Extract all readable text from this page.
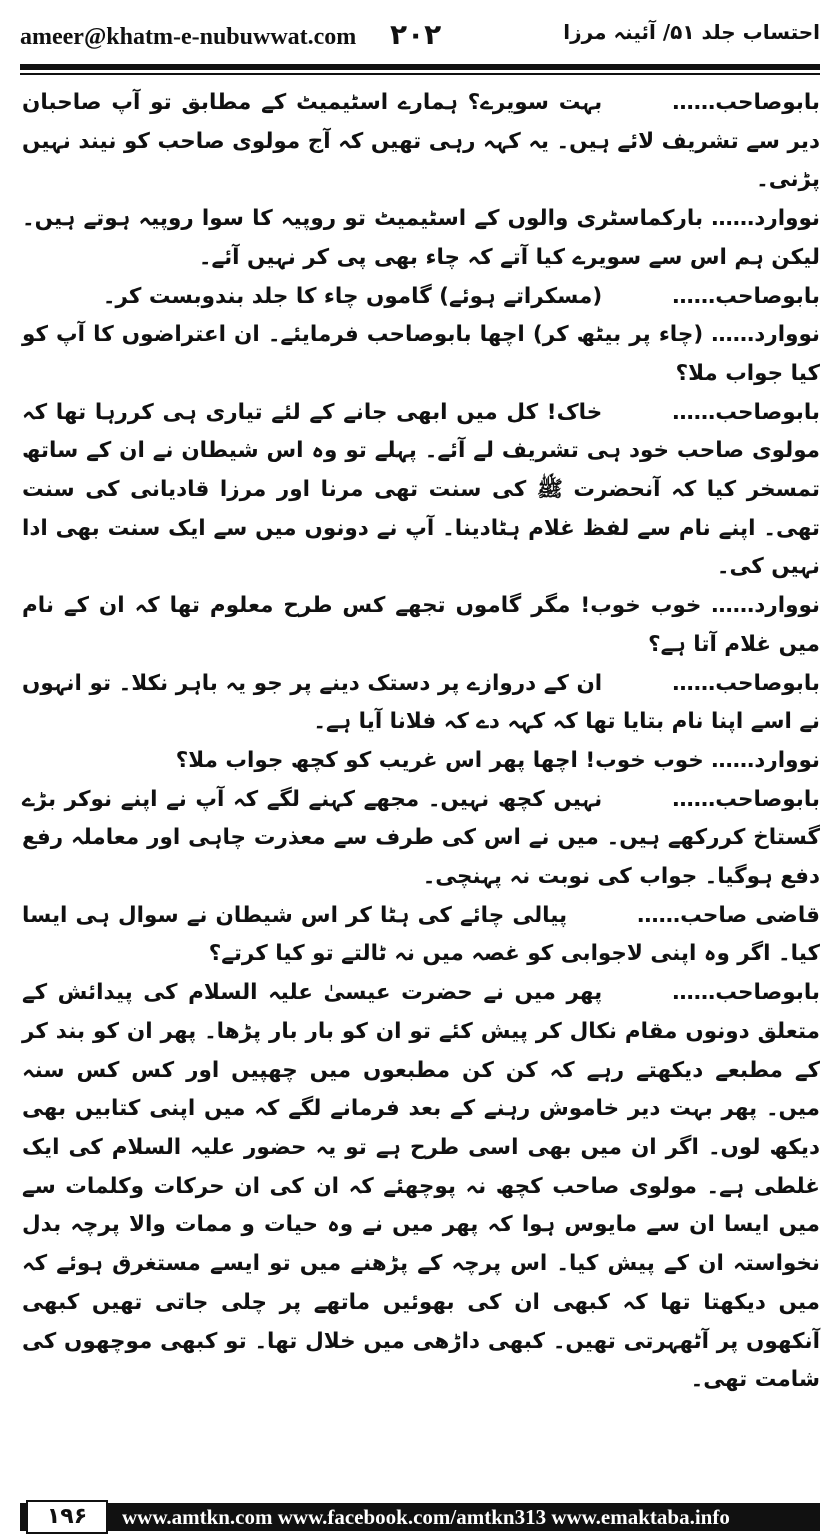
ameer@khatm-e-nubuwwat.com ۲۰۲	احتساب جلد ۵۱/ آئینہ مرزا

بابوصاحب……بہت سویرے؟ ہمارے اسٹیمیٹ کے مطابق تو آپ صاحبان دیر سے تشریف لائے ہیں۔ یہ کہہ رہی تھیں کہ آج مولوی صاحب کو نیند نہیں پڑنی۔

نووارد…… بارکماسٹری والوں کے اسٹیمیٹ تو روپیہ کا سوا روپیہ ہوتے ہیں۔ لیکن ہم اس سے سویرے کیا آتے کہ چاء بھی پی کر نہیں آئے۔

بابوصاحب……(مسکراتے ہوئے) گاموں چاء کا جلد بندوبست کر۔

نووارد…… (چاء پر بیٹھ کر) اچھا بابوصاحب فرمایئے۔ ان اعتراضوں کا آپ کو کیا جواب ملا؟

بابوصاحب……خاک! کل میں ابھی جانے کے لئے تیاری ہی کررہا تھا کہ مولوی صاحب خود ہی تشریف لے آئے۔ پہلے تو وہ اس شیطان نے ان کے ساتھ تمسخر کیا کہ آنحضرت ﷺ کی سنت تھی مرنا اور مرزا قادیانی کی سنت تھی۔ اپنے نام سے لفظ غلام ہٹادینا۔ آپ نے دونوں میں سے ایک سنت بھی ادا نہیں کی۔

نووارد…… خوب خوب! مگر گاموں تجھے کس طرح معلوم تھا کہ ان کے نام میں غلام آتا ہے؟

بابوصاحب……ان کے دروازے پر دستک دینے پر جو یہ باہر نکلا۔ تو انہوں نے اسے اپنا نام بتایا تھا کہ کہہ دے کہ فلانا آیا ہے۔

نووارد…… خوب خوب! اچھا پھر اس غریب کو کچھ جواب ملا؟

بابوصاحب……نہیں کچھ نہیں۔ مجھے کہنے لگے کہ آپ نے اپنے نوکر بڑے گستاخ کررکھے ہیں۔ میں نے اس کی طرف سے معذرت چاہی اور معاملہ رفع دفع ہوگیا۔ جواب کی نوبت نہ پہنچی۔

قاضی صاحب……پیالی چائے کی ہٹا کر اس شیطان نے سوال ہی ایسا کیا۔ اگر وہ اپنی لاجوابی کو غصہ میں نہ ٹالتے تو کیا کرتے؟

بابوصاحب……پھر میں نے حضرت عیسیٰ علیہ السلام کی پیدائش کے متعلق دونوں مقام نکال کر پیش کئے تو ان کو بار بار پڑھا۔ پھر ان کو بند کر کے مطبعے دیکھتے رہے کہ کن کن مطبعوں میں چھپیں اور کس کس سنہ میں۔ پھر بہت دیر خاموش رہنے کے بعد فرمانے لگے کہ میں اپنی کتابیں بھی دیکھ لوں۔ اگر ان میں بھی اسی طرح ہے تو یہ حضور علیہ السلام کی ایک غلطی ہے۔ مولوی صاحب کچھ نہ پوچھئے کہ ان کی ان حرکات وکلمات سے میں ایسا ان سے مایوس ہوا کہ پھر میں نے وہ حیات و ممات والا پرچہ بدل نخواستہ ان کے پیش کیا۔ اس پرچہ کے پڑھنے میں تو ایسے مستغرق ہوئے کہ میں دیکھتا تھا کہ کبھی ان کی بھوئیں ماتھے پر چلی جاتی تھیں کبھی آنکھوں پر آٹھہرتی تھیں۔ کبھی داڑھی میں خلال تھا۔ تو کبھی موچھوں کی شامت تھی۔

۱۹۶	www.amtkn.com www.facebook.com/amtkn313 www.emaktaba.info
